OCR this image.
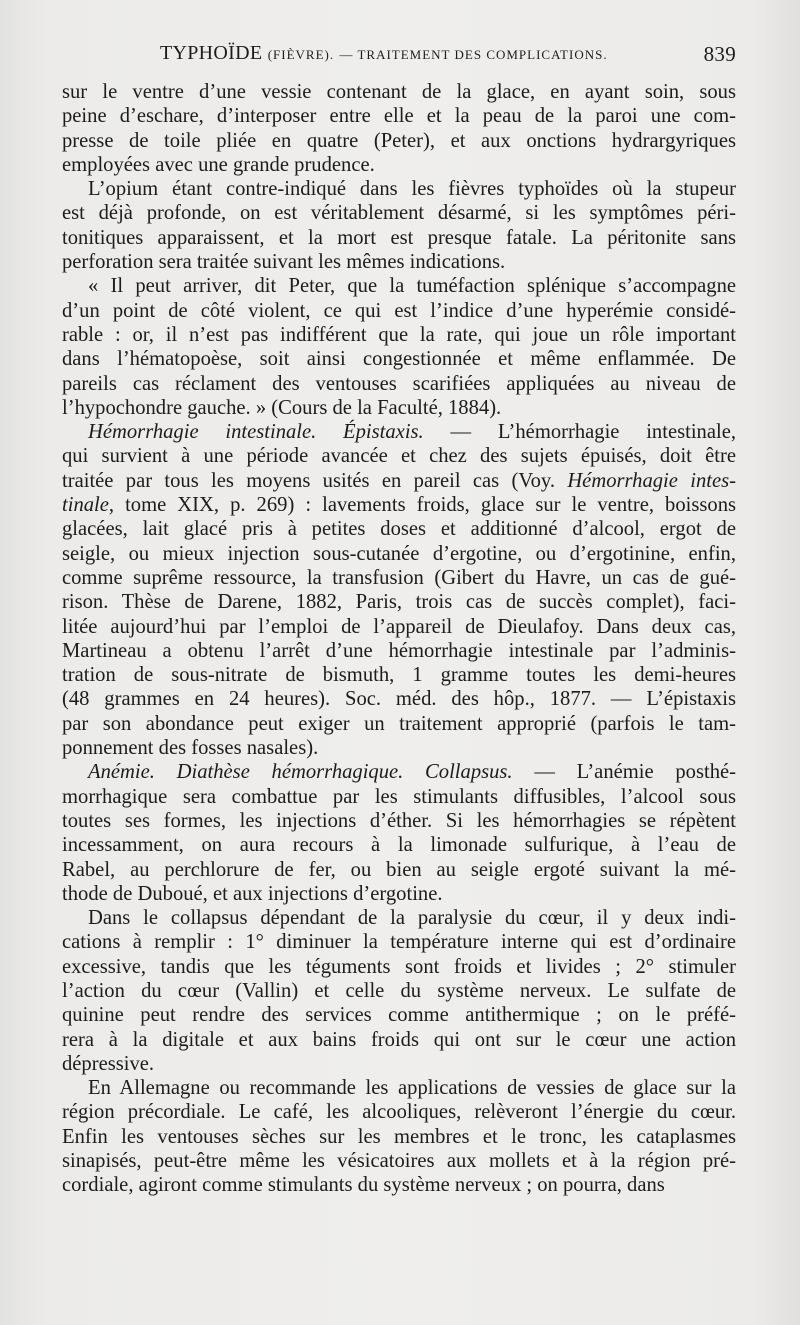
TYPHOÏDE (FIÈVRE). — TRAITEMENT DES COMPLICATIONS.	839
sur le ventre d’une vessie contenant de la glace, en ayant soin, sous
peine d’eschare, d’interposer entre elle et la peau de la paroi une com-
presse de toile pliée en quatre (Peter), et aux onctions hydrargyriques
employées avec une grande prudence.
L’opium étant contre-indiqué dans les fièvres typhoïdes où la stupeur
est déjà profonde, on est véritablement désarmé, si les symptômes péri-
tonitiques apparaissent, et la mort est presque fatale. La péritonite sans
perforation sera traitée suivant les mêmes indications.
« Il peut arriver, dit Peter, que la tuméfaction splénique s’accompagne
d’un point de côté violent, ce qui est l’indice d’une hyperémie considé-
rable : or, il n’est pas indifférent que la rate, qui joue un rôle important
dans l’hématopoèse, soit ainsi congestionnée et même enflammée. De
pareils cas réclament des ventouses scarifiées appliquées au niveau de
l’hypochondre gauche. » (Cours de la Faculté, 1884).
Hémorrhagie intestinale. Épistaxis. — L’hémorrhagie intestinale,
qui survient à une période avancée et chez des sujets épuisés, doit être
traitée par tous les moyens usités en pareil cas (Voy. Hémorrhagie intes-
tinale, tome XIX, p. 269) : lavements froids, glace sur le ventre, boissons
glacées, lait glacé pris à petites doses et additionné d’alcool, ergot de
seigle, ou mieux injection sous-cutanée d’ergotine, ou d’ergotinine, enfin,
comme suprême ressource, la transfusion (Gibert du Havre, un cas de gué-
rison. Thèse de Darene, 1882, Paris, trois cas de succès complet), faci-
litée aujourd’hui par l’emploi de l’appareil de Dieulafoy. Dans deux cas,
Martineau a obtenu l’arrêt d’une hémorrhagie intestinale par l’adminis-
tration de sous-nitrate de bismuth, 1 gramme toutes les demi-heures
(48 grammes en 24 heures). Soc. méd. des hôp., 1877. — L’épistaxis
par son abondance peut exiger un traitement approprié (parfois le tam-
ponnement des fosses nasales).
Anémie. Diathèse hémorrhagique. Collapsus. — L’anémie posthé-
morrhagique sera combattue par les stimulants diffusibles, l’alcool sous
toutes ses formes, les injections d’éther. Si les hémorrhagies se répètent
incessamment, on aura recours à la limonade sulfurique, à l’eau de
Rabel, au perchlorure de fer, ou bien au seigle ergoté suivant la mé-
thode de Duboué, et aux injections d’ergotine.
Dans le collapsus dépendant de la paralysie du cœur, il y deux indi-
cations à remplir : 1° diminuer la température interne qui est d’ordinaire
excessive, tandis que les téguments sont froids et livides ; 2° stimuler
l’action du cœur (Vallin) et celle du système nerveux. Le sulfate de
quinine peut rendre des services comme antithermique ; on le préfé-
rera à la digitale et aux bains froids qui ont sur le cœur une action
dépressive.
En Allemagne ou recommande les applications de vessies de glace sur la
région précordiale. Le café, les alcooliques, relèveront l’énergie du cœur.
Enfin les ventouses sèches sur les membres et le tronc, les cataplasmes
sinapisés, peut-être même les vésicatoires aux mollets et à la région pré-
cordiale, agiront comme stimulants du système nerveux ; on pourra, dans
